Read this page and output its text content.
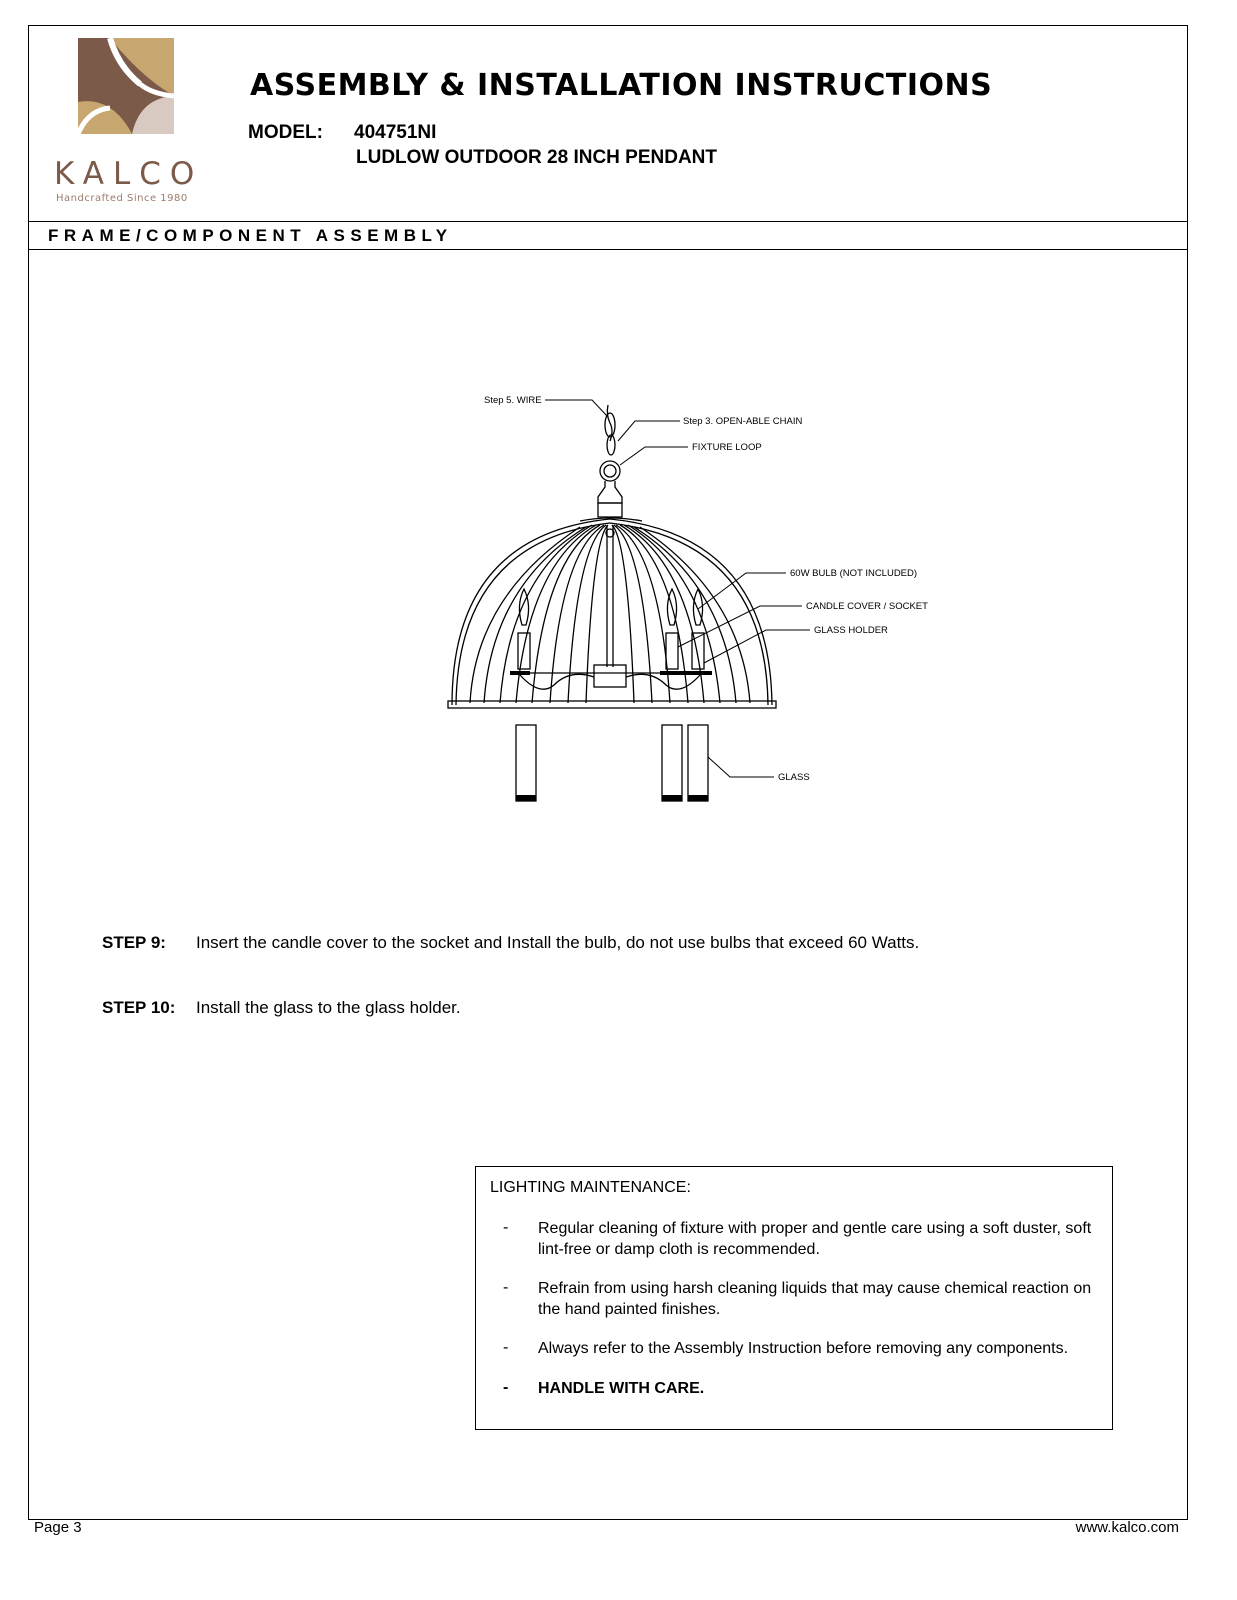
KALCO
Handcrafted Since 1980
ASSEMBLY & INSTALLATION INSTRUCTIONS
MODEL: 404751NI
LUDLOW OUTDOOR 28 INCH PENDANT
FRAME/COMPONENT ASSEMBLY
Step 5. WIRE
Step 3. OPEN-ABLE CHAIN
FIXTURE LOOP
60W BULB (NOT INCLUDED)
CANDLE COVER / SOCKET
GLASS HOLDER
GLASS
STEP 9: Insert the candle cover to the socket and Install the bulb, do not use bulbs that exceed 60 Watts.
STEP 10: Install the glass to the glass holder.
LIGHTING MAINTENANCE:
- Regular cleaning of fixture with proper and gentle care using a soft duster, soft lint-free or damp cloth is recommended.
- Refrain from using harsh cleaning liquids that may cause chemical reaction on the hand painted finishes.
- Always refer to the Assembly Instruction before removing any components.
- HANDLE WITH CARE.
Page 3	www.kalco.com
